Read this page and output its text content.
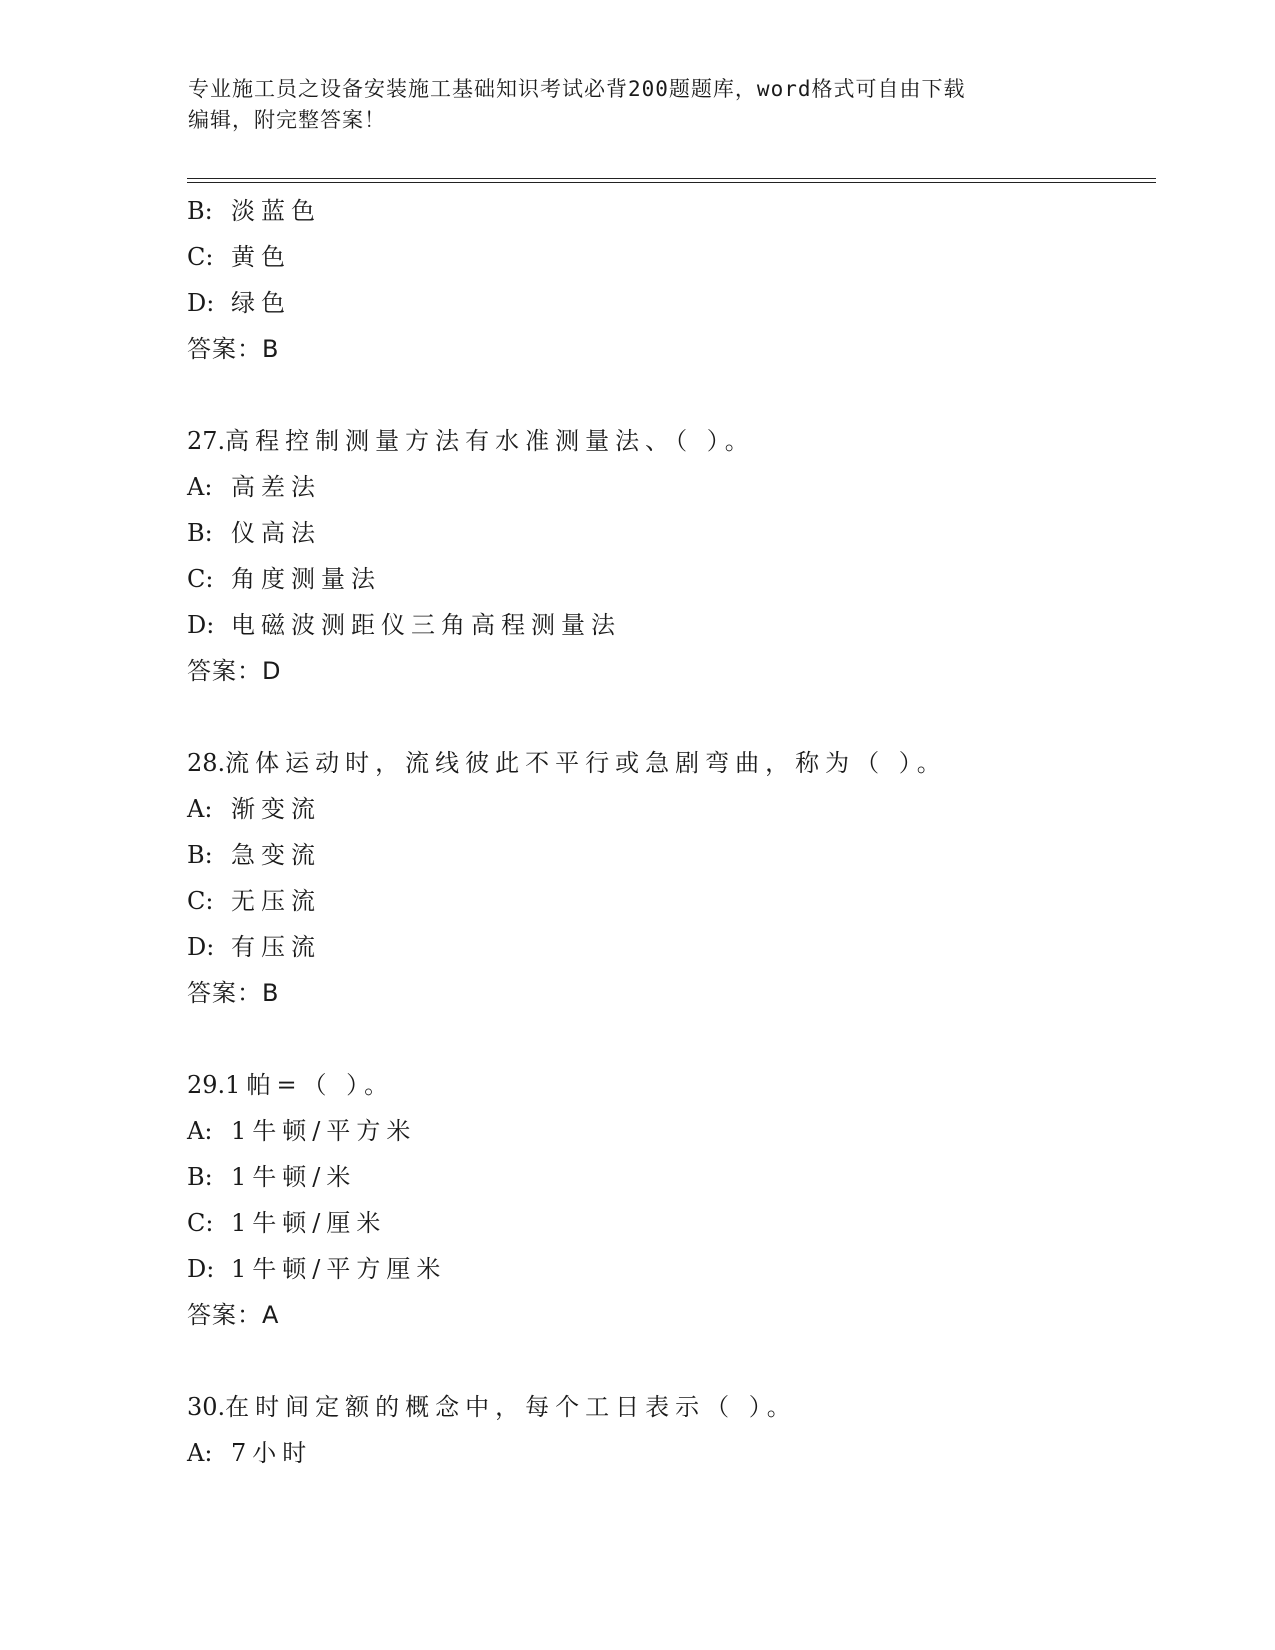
专业施工员之设备安装施工基础知识考试必背200题题库，word格式可自由下载
编辑，附完整答案！
B: 淡蓝色
C: 黄色
D: 绿色
答案：B
27.高程控制测量方法有水准测量法、（ ）。
A: 高差法
B: 仪高法
C: 角度测量法
D: 电磁波测距仪三角高程测量法
答案：D
28.流体运动时，流线彼此不平行或急剧弯曲，称为（ ）。
A: 渐变流
B: 急变流
C: 无压流
D: 有压流
答案：B
29.1帕=（ ）。
A: 1牛顿/平方米
B: 1牛顿/米
C: 1牛顿/厘米
D: 1牛顿/平方厘米
答案：A
30.在时间定额的概念中，每个工日表示（ ）。
A: 7小时
